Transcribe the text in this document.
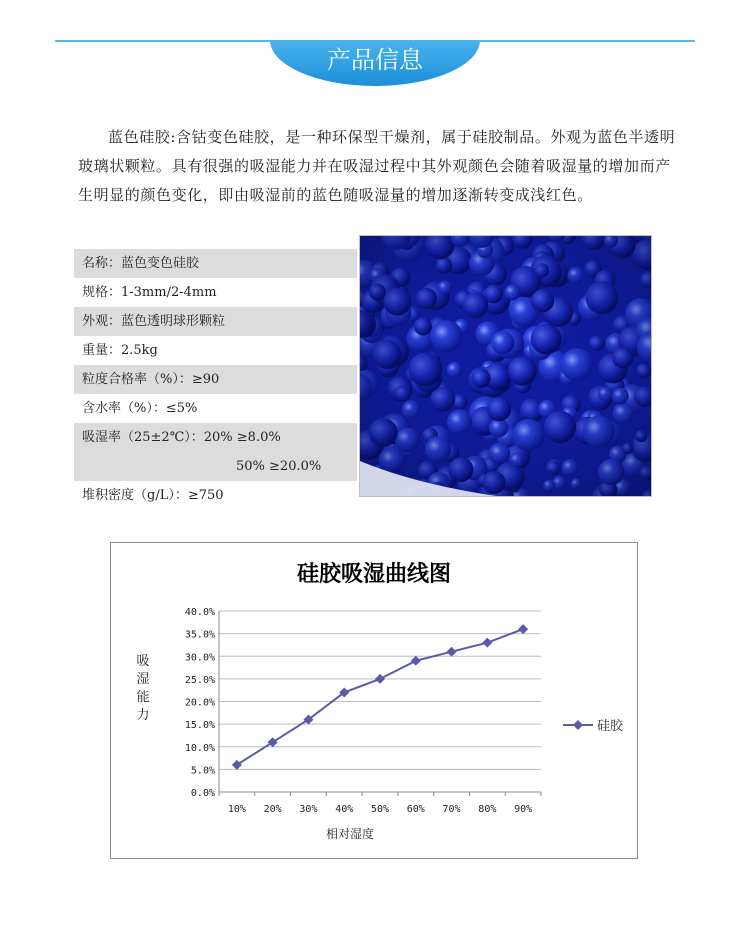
产品信息

蓝色硅胶:含钴变色硅胶，是一种环保型干燥剂，属于硅胶制品。外观为蓝色半透明玻璃状颗粒。具有很强的吸湿能力并在吸湿过程中其外观颜色会随着吸湿量的增加而产生明显的颜色变化，即由吸湿前的蓝色随吸湿量的增加逐渐转变成浅红色。

名称：蓝色变色硅胶
规格：1-3mm/2-4mm
外观：蓝色透明球形颗粒
重量：2.5kg
粒度合格率（%）：≥90
含水率（%）：≤5%
吸湿率（25±2℃）：20% ≥8.0%
50% ≥20.0%
堆积密度（g/L）：≥750
硅胶吸湿曲线图
吸湿能力
0.0%
5.0%
10.0%
15.0%
20.0%
25.0%
30.0%
35.0%
40.0%
10% 20% 30% 40% 50% 60% 70% 80% 90%
相对湿度
硅胶
